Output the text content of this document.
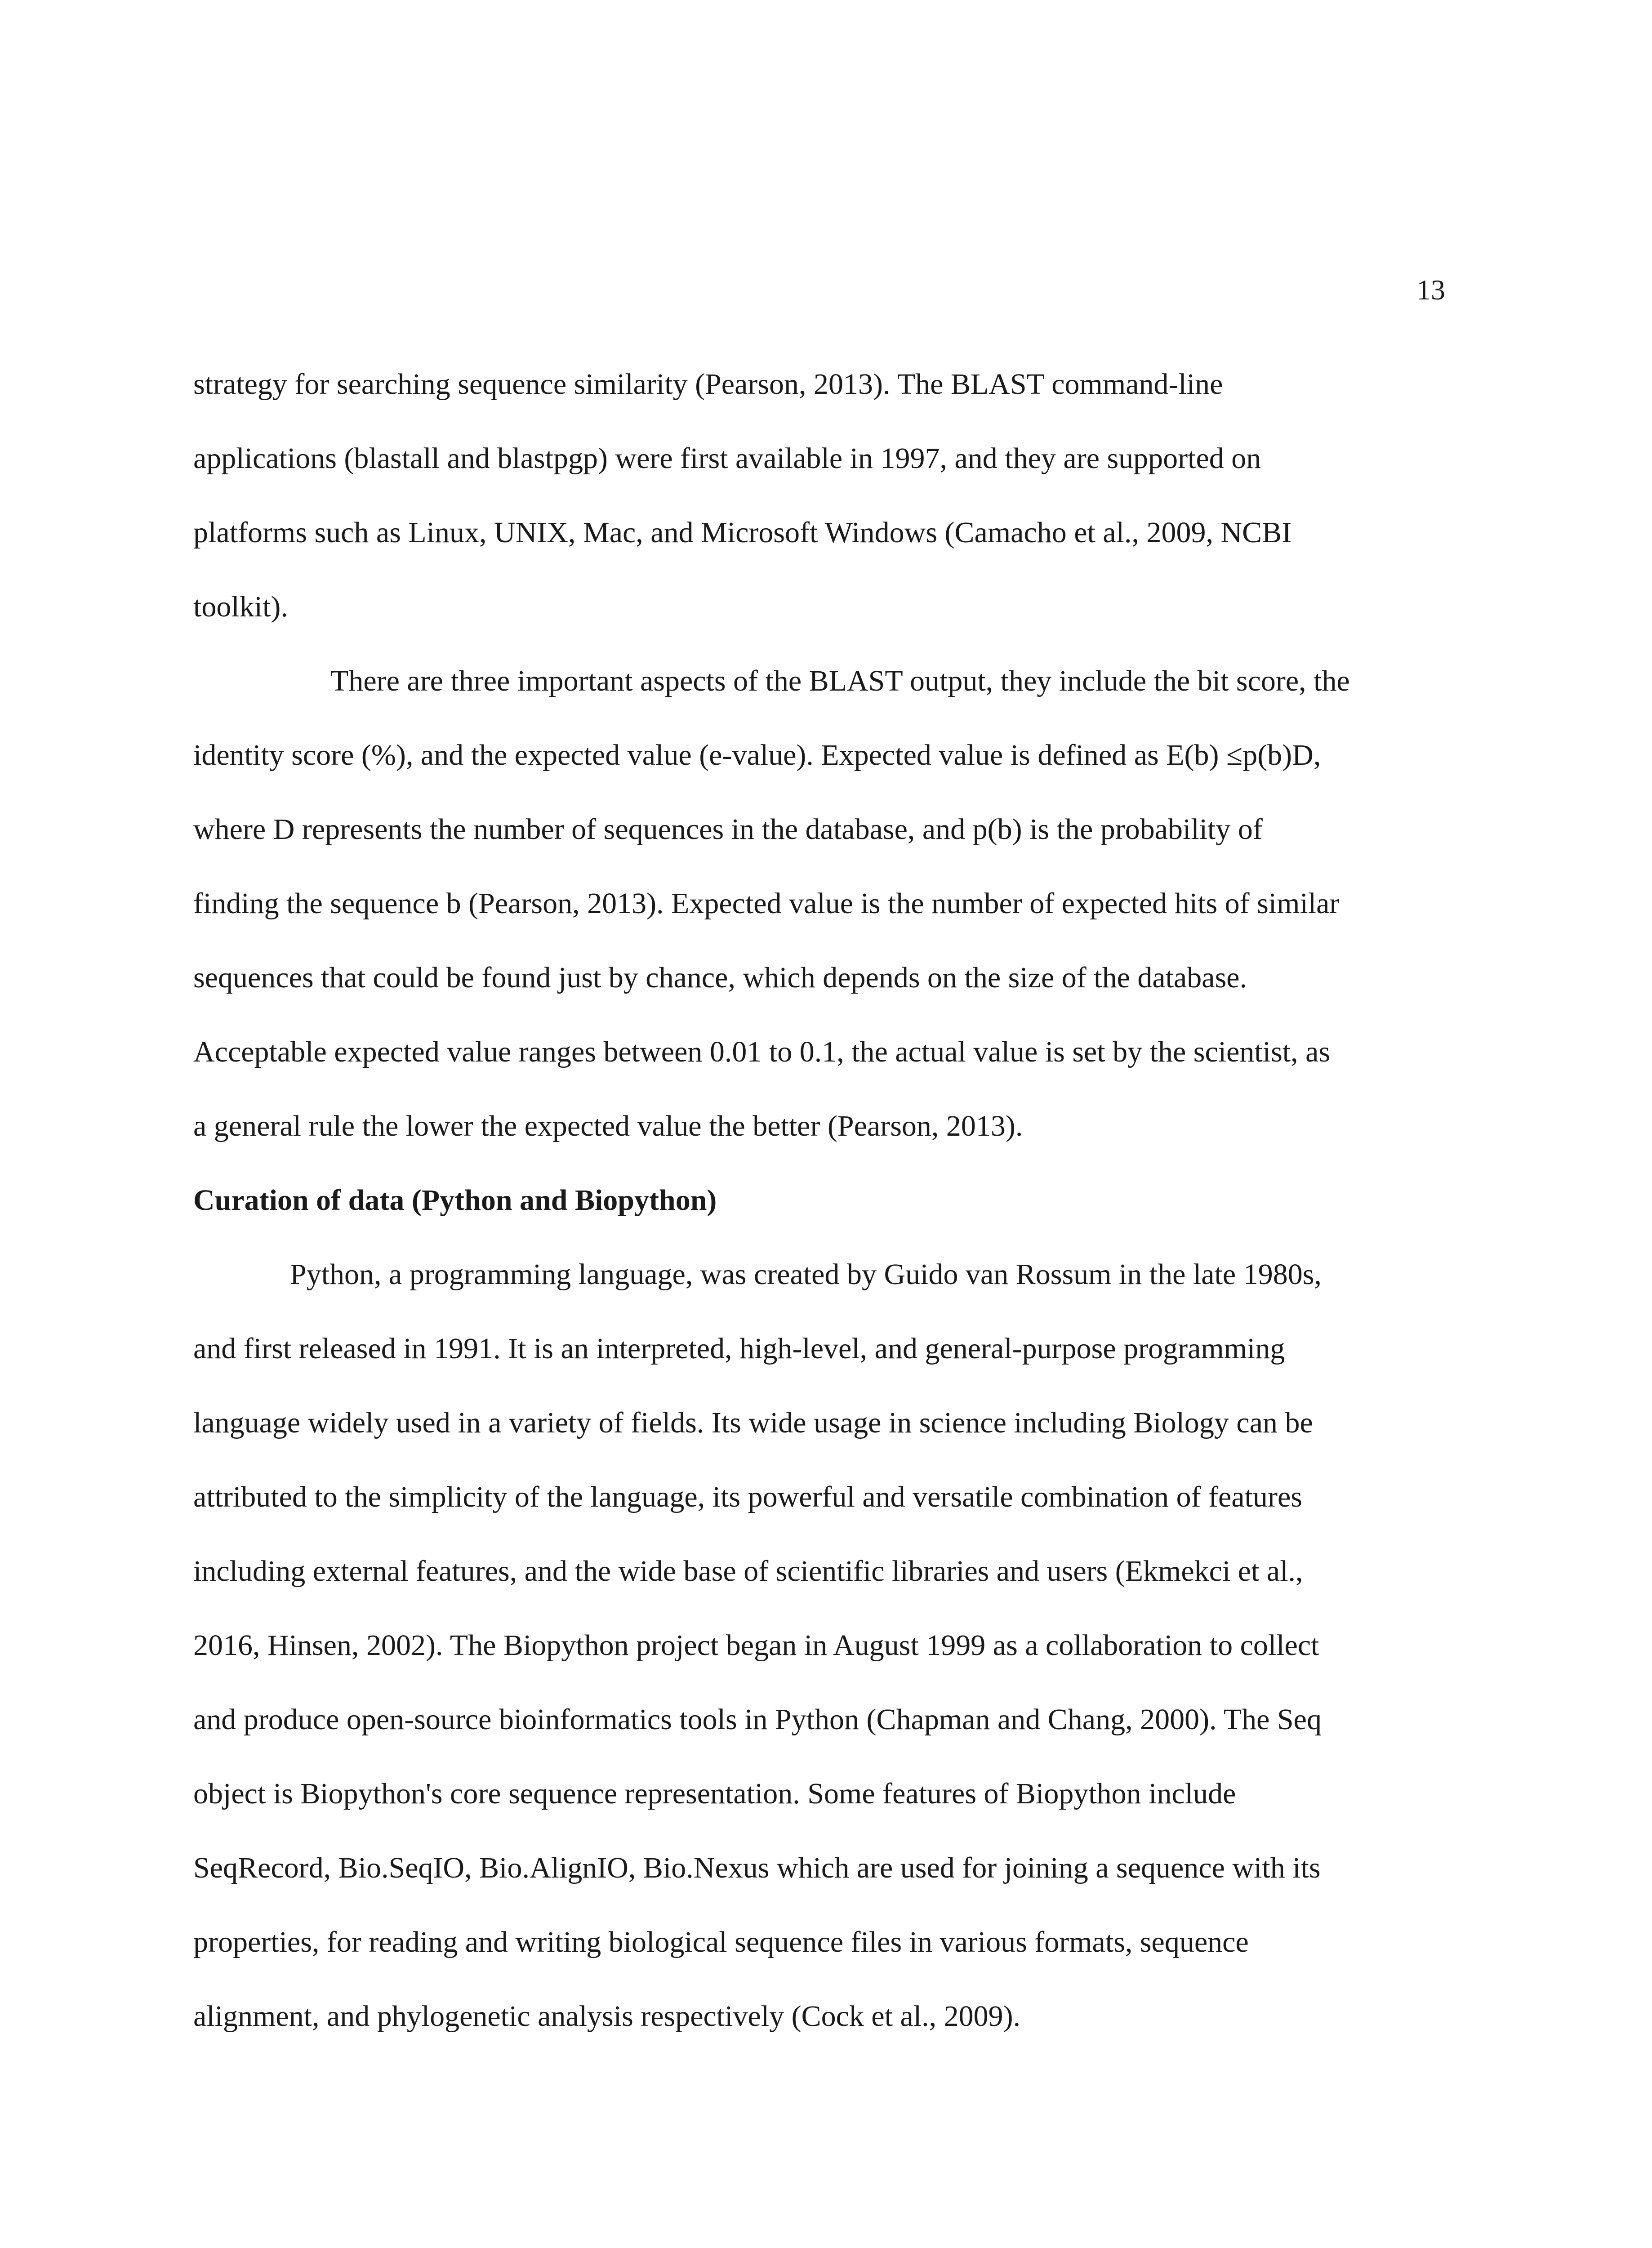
13
strategy for searching sequence similarity (Pearson, 2013). The BLAST command-line
applications (blastall and blastpgp) were first available in 1997, and they are supported on
platforms such as Linux, UNIX, Mac, and Microsoft Windows (Camacho et al., 2009, NCBI
toolkit).
There are three important aspects of the BLAST output, they include the bit score, the
identity score (%), and the expected value (e-value). Expected value is defined as E(b) ≤p(b)D,
where D represents the number of sequences in the database, and p(b) is the probability of
finding the sequence b (Pearson, 2013). Expected value is the number of expected hits of similar
sequences that could be found just by chance, which depends on the size of the database.
Acceptable expected value ranges between 0.01 to 0.1, the actual value is set by the scientist, as
a general rule the lower the expected value the better (Pearson, 2013).
Curation of data (Python and Biopython)
Python, a programming language, was created by Guido van Rossum in the late 1980s,
and first released in 1991. It is an interpreted, high-level, and general-purpose programming
language widely used in a variety of fields. Its wide usage in science including Biology can be
attributed to the simplicity of the language, its powerful and versatile combination of features
including external features, and the wide base of scientific libraries and users (Ekmekci et al.,
2016, Hinsen, 2002). The Biopython project began in August 1999 as a collaboration to collect
and produce open-source bioinformatics tools in Python (Chapman and Chang, 2000). The Seq
object is Biopython's core sequence representation. Some features of Biopython include
SeqRecord, Bio.SeqIO, Bio.AlignIO, Bio.Nexus which are used for joining a sequence with its
properties, for reading and writing biological sequence files in various formats, sequence
alignment, and phylogenetic analysis respectively (Cock et al., 2009).
